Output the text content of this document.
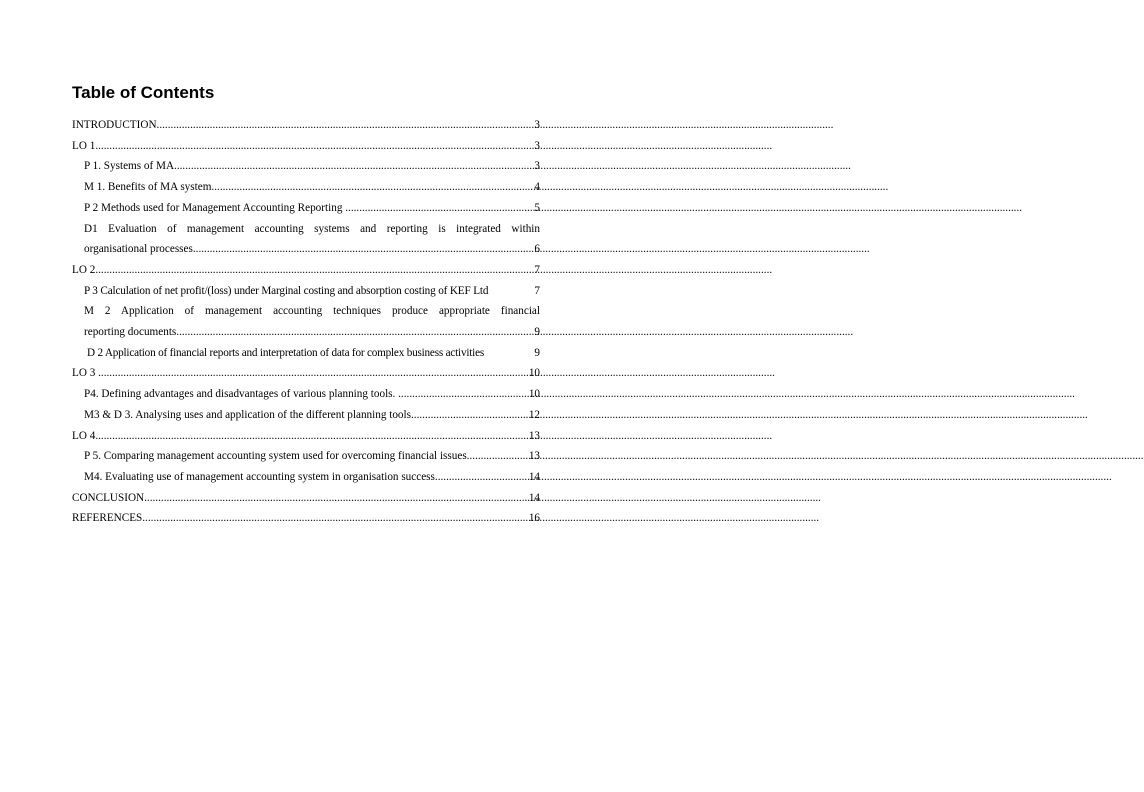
Table of Contents
INTRODUCTION .....	3
LO 1 .....	3
P 1. Systems of MA .....	3
M 1. Benefits of MA system .....	4
P 2 Methods used for Management Accounting Reporting .....	5
D1 Evaluation of management accounting systems and reporting is integrated within
organisational processes .....	6
LO 2 .....	7
P 3 Calculation of net profit/(loss) under Marginal costing and absorption costing of KEF Ltd	7
M 2 Application of management accounting techniques produce appropriate financial
reporting documents .....	9
D 2 Application of financial reports and interpretation of data for complex business activities	9
LO 3 .....	10
P4. Defining advantages and disadvantages of various planning tools. .....	10
M3 & D 3. Analysing uses and application of the different planning tools .....	12
LO 4 .....	13
P 5. Comparing management accounting system used for overcoming financial issues .....	13
M4. Evaluating use of management accounting system in organisation success .....	14
CONCLUSION .....	14
REFERENCES .....	16
